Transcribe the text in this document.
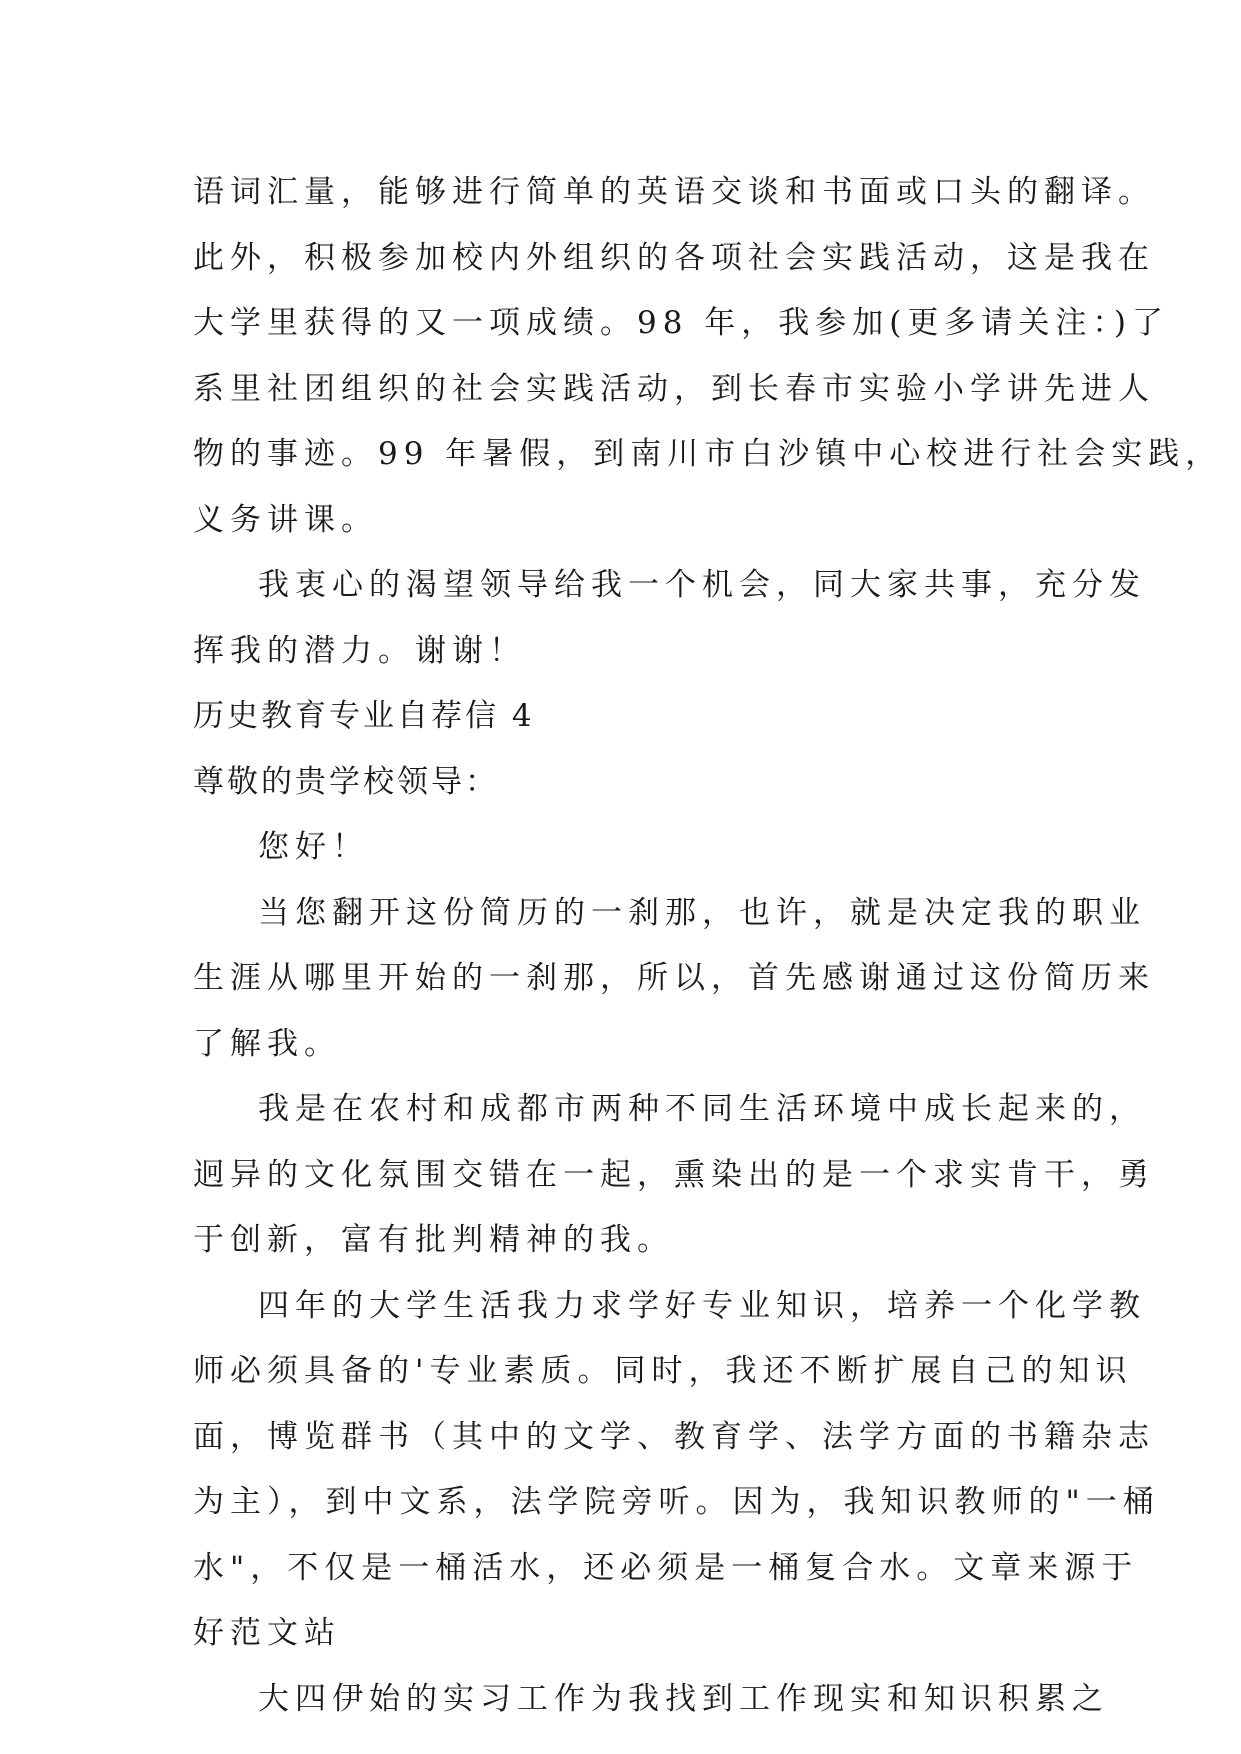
语词汇量，能够进行简单的英语交谈和书面或口头的翻译。
此外，积极参加校内外组织的各项社会实践活动，这是我在
大学里获得的又一项成绩。98 年，我参加(更多请关注：)了
系里社团组织的社会实践活动，到长春市实验小学讲先进人
物的事迹。99 年暑假，到南川市白沙镇中心校进行社会实践，
义务讲课。
我衷心的渴望领导给我一个机会，同大家共事，充分发
挥我的潜力。谢谢！
历史教育专业自荐信 4
尊敬的贵学校领导：
您好！
当您翻开这份简历的一刹那，也许，就是决定我的职业
生涯从哪里开始的一刹那，所以，首先感谢通过这份简历来
了解我。
我是在农村和成都市两种不同生活环境中成长起来的，
迥异的文化氛围交错在一起，熏染出的是一个求实肯干，勇
于创新，富有批判精神的我。
四年的大学生活我力求学好专业知识，培养一个化学教
师必须具备的'专业素质。同时，我还不断扩展自己的知识
面，博览群书（其中的文学、教育学、法学方面的书籍杂志
为主），到中文系，法学院旁听。因为，我知识教师的"一桶
水"，不仅是一桶活水，还必须是一桶复合水。文章来源于
好范文站
大四伊始的实习工作为我找到工作现实和知识积累之
